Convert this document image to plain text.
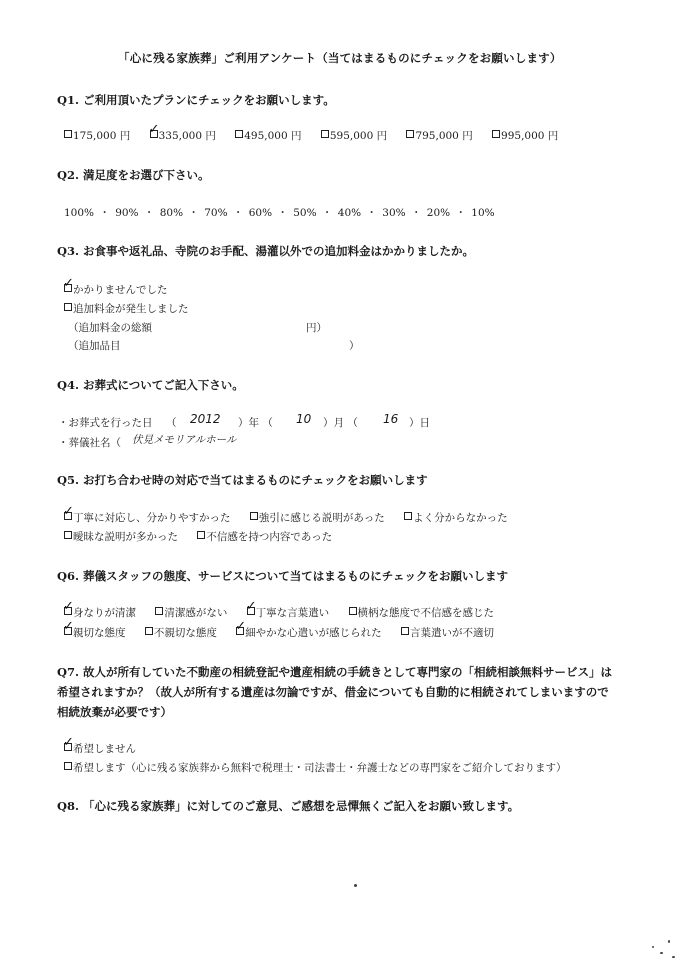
「心に残る家族葬」ご利用アンケート（当てはまるものにチェックをお願いします）
Q1. ご利用頂いたプランにチェックをお願いします。
175,000 円 ✓	335,000 円	495,000 円	595,000 円	795,000 円	995,000 円
Q2. 満足度をお選び下さい。
100% ・ 90% ・ 80% ・ 70% ・ 60% ・ 50% ・ 40% ・ 30% ・ 20% ・ 10%
Q3. お食事や返礼品、寺院のお手配、湯灌以外での追加料金はかかりましたか。
✓かかりませんでした
追加料金が発生しました
（追加料金の総額	円）
（追加品目	）
Q4. お葬式についてご記入下さい。
・お葬式を行った日 （ 2012 ）年 （ 10 ）月 （ 16 ）日
・葬儀社名（ 伏見メモリアルホール
Q5. お打ち合わせ時の対応で当てはまるものにチェックをお願いします
✓丁寧に対応し、分かりやすかった	強引に感じる説明があった	よく分からなかった
曖昧な説明が多かった	不信感を持つ内容であった
Q6. 葬儀スタッフの態度、サービスについて当てはまるものにチェックをお願いします
✓身なりが清潔	清潔感がない ✓	丁寧な言葉遣い	横柄な態度で不信感を感じた
✓親切な態度	不親切な態度 ✓	細やかな心遣いが感じられた	言葉遣いが不適切
Q7. 故人が所有していた不動産の相続登記や遺産相続の手続きとして専門家の「相続相談無料サービス」は
希望されますか？（故人が所有する遺産は勿論ですが、借金についても自動的に相続されてしまいますので
相続放棄が必要です）
✓希望しません
希望します（心に残る家族葬から無料で税理士・司法書士・弁護士などの専門家をご紹介しております）
Q8. 「心に残る家族葬」に対してのご意見、ご感想を忌憚無くご記入をお願い致します。
